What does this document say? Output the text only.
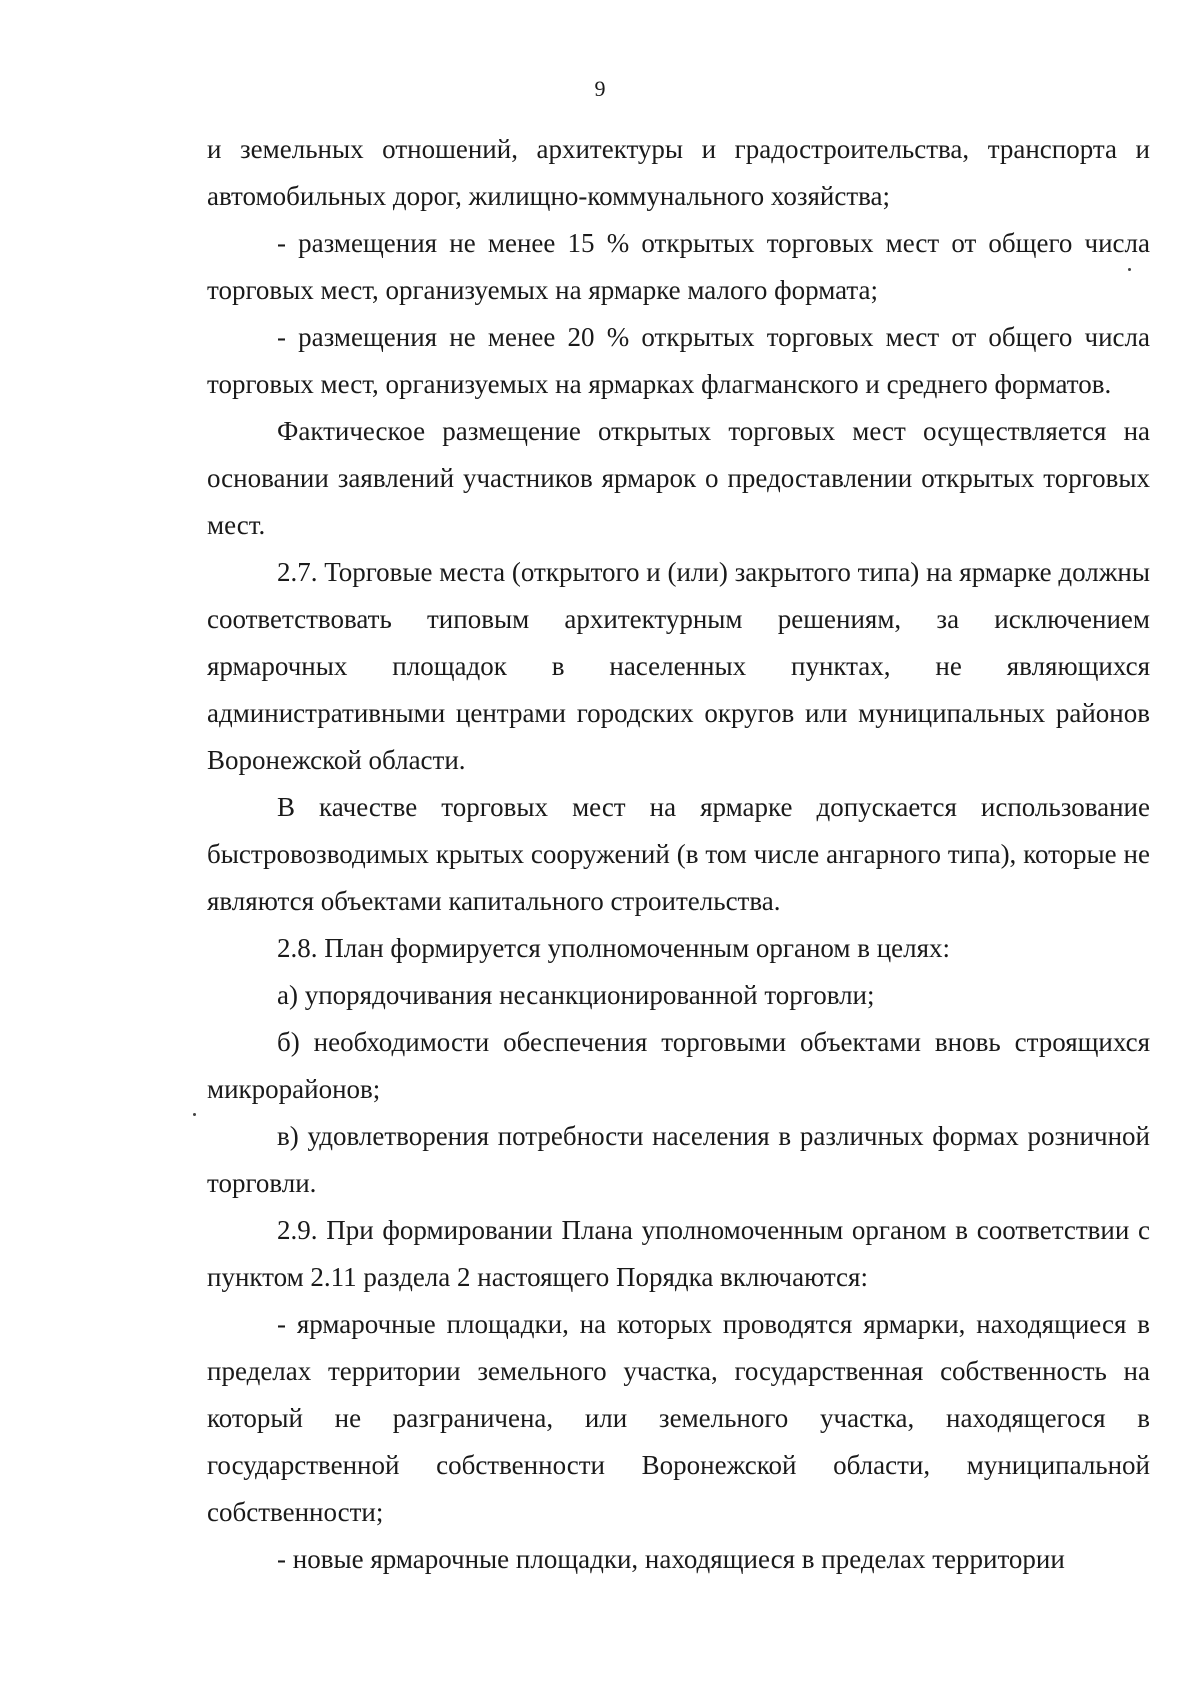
9

и земельных отношений, архитектуры и градостроительства, транспорта и автомобильных дорог, жилищно-коммунального хозяйства;

- размещения не менее 15 % открытых торговых мест от общего числа торговых мест, организуемых на ярмарке малого формата;

- размещения не менее 20 % открытых торговых мест от общего числа торговых мест, организуемых на ярмарках флагманского и среднего форматов.

Фактическое размещение открытых торговых мест осуществляется на основании заявлений участников ярмарок о предоставлении открытых торговых мест.

2.7. Торговые места (открытого и (или) закрытого типа) на ярмарке должны соответствовать типовым архитектурным решениям, за исключением ярмарочных площадок в населенных пунктах, не являющихся административными центрами городских округов или муниципальных районов Воронежской области.

В качестве торговых мест на ярмарке допускается использование быстровозводимых крытых сооружений (в том числе ангарного типа), которые не являются объектами капитального строительства.

2.8. План формируется уполномоченным органом в целях:

а) упорядочивания несанкционированной торговли;

б) необходимости обеспечения торговыми объектами вновь строящихся микрорайонов;

в) удовлетворения потребности населения в различных формах розничной торговли.

2.9. При формировании Плана уполномоченным органом в соответствии с пунктом 2.11 раздела 2 настоящего Порядка включаются:

- ярмарочные площадки, на которых проводятся ярмарки, находящиеся в пределах территории земельного участка, государственная собственность на который не разграничена, или земельного участка, находящегося в государственной собственности Воронежской области, муниципальной собственности;

- новые ярмарочные площадки, находящиеся в пределах территории
